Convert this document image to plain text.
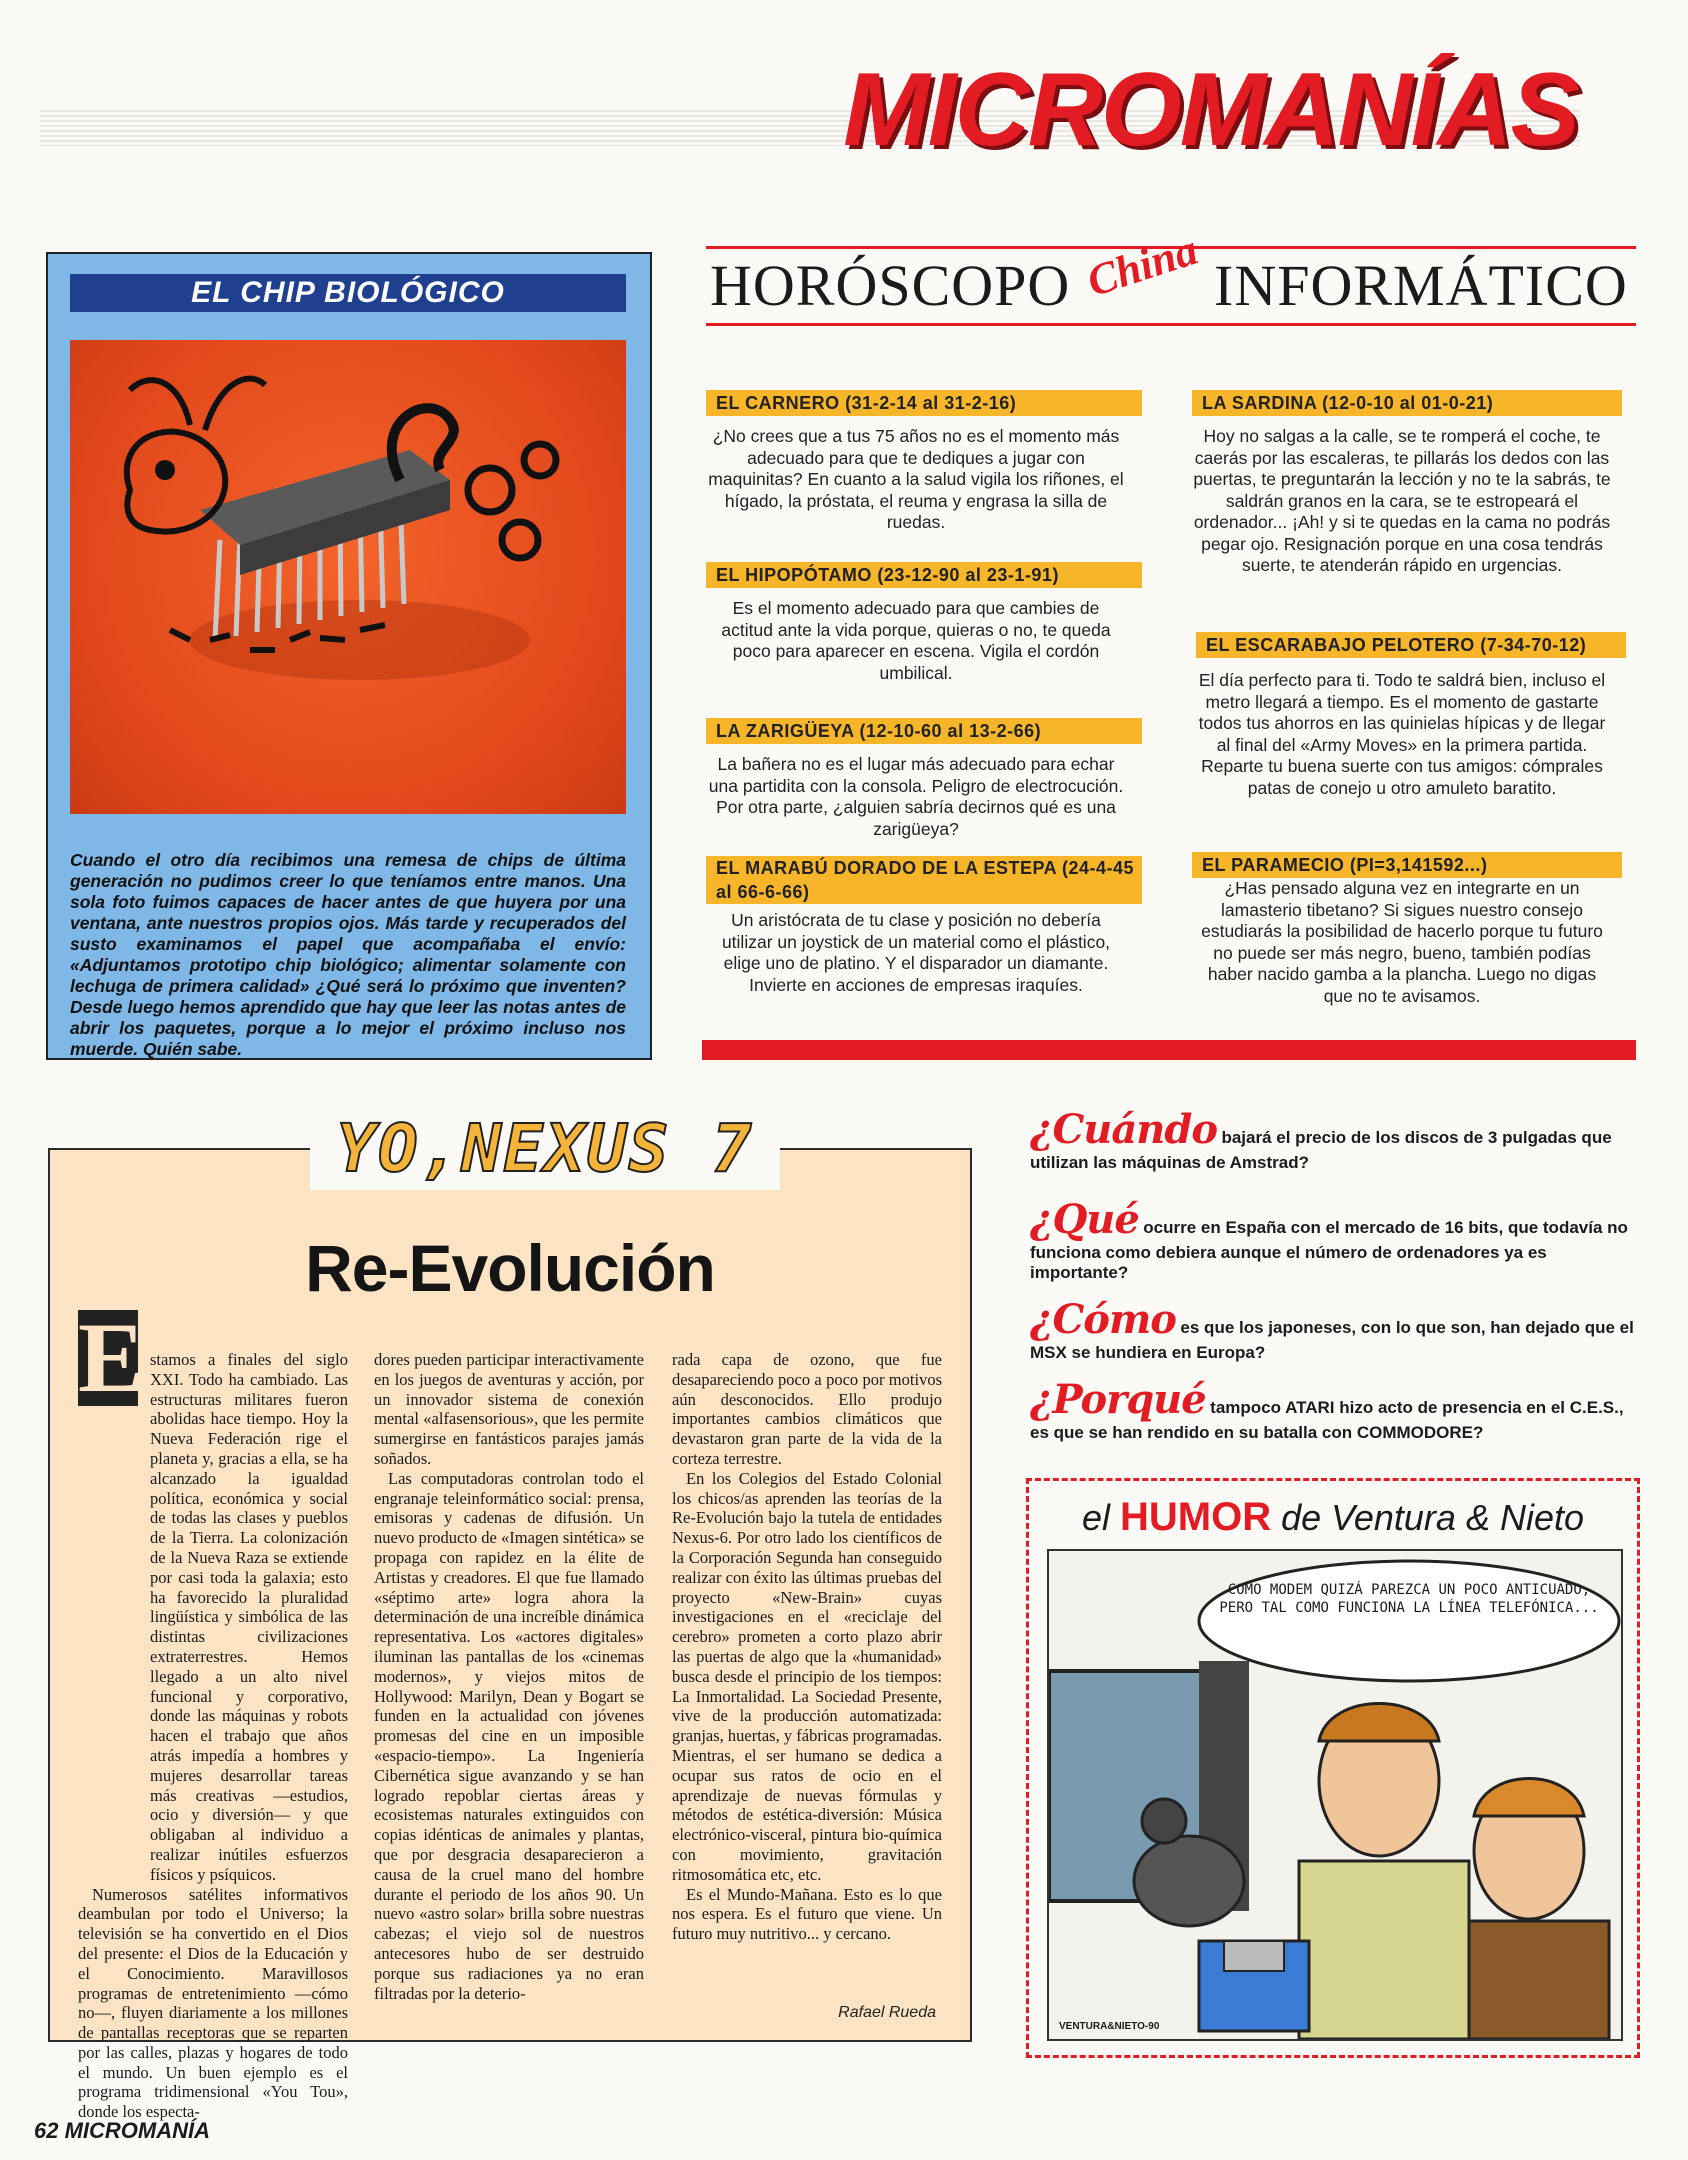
MICROMANÍAS
EL CHIP BIOLÓGICO
Cuando el otro día recibimos una remesa de chips de última generación no pudimos creer lo que teníamos entre manos. Una sola foto fuimos capaces de hacer antes de que huyera por una ventana, ante nuestros propios ojos. Más tarde y recuperados del susto examinamos el papel que acompañaba el envío: «Adjuntamos prototipo chip biológico; alimentar solamente con lechuga de primera calidad» ¿Qué será lo próximo que inventen? Desde luego hemos aprendido que hay que leer las notas antes de abrir los paquetes, porque a lo mejor el próximo incluso nos muerde. Quién sabe.
HORÓSCOPO China INFORMÁTICO
EL CARNERO (31-2-14 al 31-2-16)
¿No crees que a tus 75 años no es el momento más adecuado para que te dediques a jugar con maquinitas? En cuanto a la salud vigila los riñones, el hígado, la próstata, el reuma y engrasa la silla de ruedas.
EL HIPOPÓTAMO (23-12-90 al 23-1-91)
Es el momento adecuado para que cambies de actitud ante la vida porque, quieras o no, te queda poco para aparecer en escena. Vigila el cordón umbilical.
LA ZARIGÜEYA (12-10-60 al 13-2-66)
La bañera no es el lugar más adecuado para echar una partidita con la consola. Peligro de electrocución. Por otra parte, ¿alguien sabría decirnos qué es una zarigüeya?
EL MARABÚ DORADO DE LA ESTEPA (24-4-45 al 66-6-66)
Un aristócrata de tu clase y posición no debería utilizar un joystick de un material como el plástico, elige uno de platino. Y el disparador un diamante. Invierte en acciones de empresas iraquíes.
LA SARDINA (12-0-10 al 01-0-21)
Hoy no salgas a la calle, se te romperá el coche, te caerás por las escaleras, te pillarás los dedos con las puertas, te preguntarán la lección y no te la sabrás, te saldrán granos en la cara, se te estropeará el ordenador... ¡Ah! y si te quedas en la cama no podrás pegar ojo. Resignación porque en una cosa tendrás suerte, te atenderán rápido en urgencias.
EL ESCARABAJO PELOTERO (7-34-70-12)
El día perfecto para ti. Todo te saldrá bien, incluso el metro llegará a tiempo. Es el momento de gastarte todos tus ahorros en las quinielas hípicas y de llegar al final del «Army Moves» en la primera partida. Reparte tu buena suerte con tus amigos: cómprales patas de conejo u otro amuleto baratito.
EL PARAMECIO (PI=3,141592...)
¿Has pensado alguna vez en integrarte en un lamasterio tibetano? Si sigues nuestro consejo estudiarás la posibilidad de hacerlo porque tu futuro no puede ser más negro, bueno, también podías haber nacido gamba a la plancha. Luego no digas que no te avisamos.
YO,NEXUS 7
Re-Evolución
E stamos a finales del siglo XXI. Todo ha cambiado. Las estructuras militares fueron abolidas hace tiempo. Hoy la Nueva Federación rige el planeta y, gracias a ella, se ha alcanzado la igualdad política, económica y social de todas las clases y pueblos de la Tierra. La colonización de la Nueva Raza se extiende por casi toda la galaxia; esto ha favorecido la pluralidad lingüística y simbólica de las distintas civilizaciones extraterrestres. Hemos llegado a un alto nivel funcional y corporativo, donde las máquinas y robots hacen el trabajo que años atrás impedía a hombres y mujeres desarrollar tareas más creativas —estudios, ocio y diversión— y que obligaban al individuo a realizar inútiles esfuerzos físicos y psíquicos.

Numerosos satélites informativos deambulan por todo el Universo; la televisión se ha convertido en el Dios del presente: el Dios de la Educación y el Conocimiento. Maravillosos programas de entretenimiento —cómo no—, fluyen diariamente a los millones de pantallas receptoras que se reparten por las calles, plazas y hogares de todo el mundo. Un buen ejemplo es el programa tridimensional «You Tou», donde los especta-

dores pueden participar interactivamente en los juegos de aventuras y acción, por un innovador sistema de conexión mental «alfasensorious», que les permite sumergirse en fantásticos parajes jamás soñados.

Las computadoras controlan todo el engranaje teleinformático social: prensa, emisoras y cadenas de difusión. Un nuevo producto de «Imagen sintética» se propaga con rapidez en la élite de Artistas y creadores. El que fue llamado «séptimo arte» logra ahora la determinación de una increíble dinámica representativa. Los «actores digitales» iluminan las pantallas de los «cinemas modernos», y viejos mitos de Hollywood: Marilyn, Dean y Bogart se funden en la actualidad con jóvenes promesas del cine en un imposible «espacio-tiempo». La Ingeniería Cibernética sigue avanzando y se han logrado repoblar ciertas áreas y ecosistemas naturales extinguidos con copias idénticas de animales y plantas, que por desgracia desaparecieron a causa de la cruel mano del hombre durante el periodo de los años 90. Un nuevo «astro solar» brilla sobre nuestras cabezas; el viejo sol de nuestros antecesores hubo de ser destruido porque sus radiaciones ya no eran filtradas por la deterio-

rada capa de ozono, que fue desapareciendo poco a poco por motivos aún desconocidos. Ello produjo importantes cambios climáticos que devastaron gran parte de la vida de la corteza terrestre.

En los Colegios del Estado Colonial los chicos/as aprenden las teorías de la Re-Evolución bajo la tutela de entidades Nexus-6. Por otro lado los científicos de la Corporación Segunda han conseguido realizar con éxito las últimas pruebas del proyecto «New-Brain» cuyas investigaciones en el «reciclaje del cerebro» prometen a corto plazo abrir las puertas de algo que la «humanidad» busca desde el principio de los tiempos: La Inmortalidad. La Sociedad Presente, vive de la producción automatizada: granjas, huertas, y fábricas programadas. Mientras, el ser humano se dedica a ocupar sus ratos de ocio en el aprendizaje de nuevas fórmulas y métodos de estética-diversión: Música electrónico-visceral, pintura bio-química con movimiento, gravitación ritmosomática etc, etc.

Es el Mundo-Mañana. Esto es lo que nos espera. Es el futuro que viene. Un futuro muy nutritivo... y cercano.

Rafael Rueda
¿Cuándo bajará el precio de los discos de 3 pulgadas que utilizan las máquinas de Amstrad?
¿Qué ocurre en España con el mercado de 16 bits, que todavía no funciona como debiera aunque el número de ordenadores ya es importante?
¿Cómo es que los japoneses, con lo que son, han dejado que el MSX se hundiera en Europa?
¿Porqué tampoco ATARI hizo acto de presencia en el C.E.S., es que se han rendido en su batalla con COMMODORE?
el HUMOR de Ventura & Nieto
COMO MODEM QUIZÁ PAREZCA UN POCO ANTICUADO, PERO TAL COMO FUNCIONA LA LÍNEA TELEFÓNICA...
VENTURA&NIETO-90
62 MICROMANÍA
